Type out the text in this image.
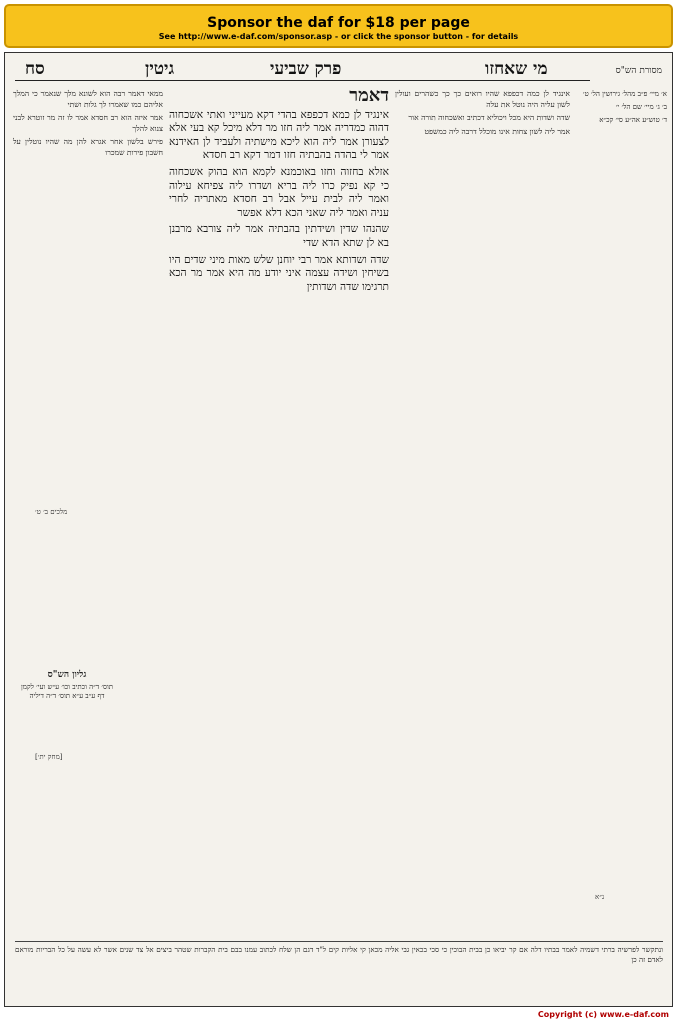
Sponsor the daf for $18 per page
See http://www.e-daf.com/sponsor.asp - or click the sponsor button - for details
סח	גיטין	פרק שביעי	מי שאחזו	מסורת הש"ס

ממאי דאמר רבה הוא לשונא מלך שנאמר כי המלך אליהם כמו שאמרו לך גלות ושתי

אמר איזה הוא רב חסדא אמר לו זה מר זוטרא לבני צנוא להלך

פירש בלשון אחר אגרא להן מה שהיו נוטלין על חשבון פירות שמכרו

דאמר

אינגיד לן כמא דכפפא בהדי דקא מעייני ואתי אשכחוה דהוה כמדריה אמר ליה חזו מר דלא מיכל קא בעי אלא לצעורן אמר ליה הוא ליכא מישתיה ולעביד לן האידנא אמר לי בהדה בהבתיה חזו דמר דקא רב חסדא

אזלא בחזוה וחזו באוכמנא לקמא הוא בהוק אשכחוה כי קא נפיק כרו ליה בריא ושדרו ליה צפיחא עילוה ואמר ליה לבית עייל אבל רב חסדא מאתריה לחרי עניה ואמר ליה שאני הכא דלא אפשר

שהנהו שדין ושידתין בהבתיה אמר ליה צורבא מרבנן בא לן שתא הדא שדי

שדה ושדותא אמר רבי יוחנן שלש מאות מיני שדים היו בשיחין ושידה עצמה איני יודע מה היא אמר מר הכא תרגימו שדה ושדותין

אינגיד לן כמה דכפפא שהיו רואים כך כך כשהרים ועולין לשון עליה היה נוטל את עלה

שדה ושדות היא מכל ויכוליא דכתיב ואשכחוה תורה אור

אמר ליה לשון צחות אינו מוכלל דרבה ליה כמשפט

א׳ מיי׳ פ״ב מהל׳ גירושין הל׳ ט׳

ב׳ ג׳ מיי׳ שם הל׳ י׳

ד׳ טוש״ע אה״ע סי׳ קכ״א

גליון הש"ס
תוס׳ ד״ה וכתיב וכו׳ ע״ש ועי׳ לקמן דף ע״ב ע״א תוס׳ ד״ה דיליה
מלכים ב׳ ט׳
[מחק ית׳]
נ״א
ונתקשר לפרשיה ברתי דשמיה לאמר בבתיו דלה אם קר יביאו כן בבית הבוכין כי סכי בכאין גבי אליה מכאן קי אליות קים ל"ד דגם הן שלח לכתוב עמנו בבם בית הקברות שטהר ביצים אל צד שנים אשר לא עשה על כל הבריות מוראם לאדם זה כן
Copyright (c) www.e-daf.com
